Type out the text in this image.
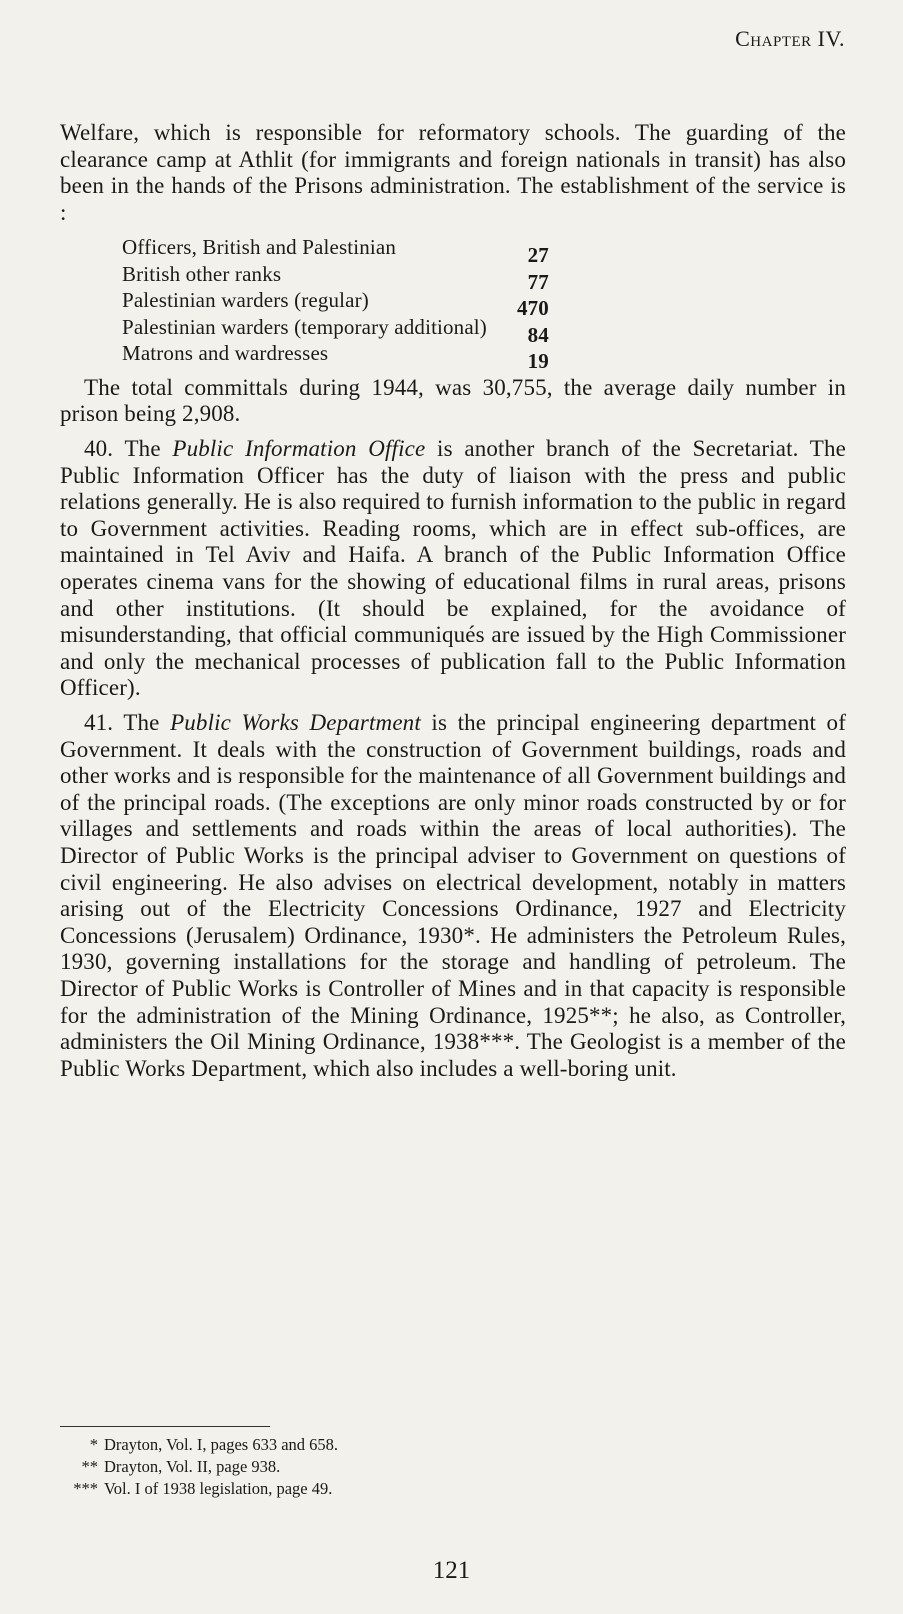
Chapter IV.

Welfare, which is responsible for reformatory schools. The guarding of the clearance camp at Athlit (for immigrants and foreign nationals in transit) has also been in the hands of the Prisons administration. The establishment of the service is :

Officers, British and Palestinian	27
British other ranks	77
Palestinian warders (regular)	470
Palestinian warders (temporary additional)	84
Matrons and wardresses	19

The total committals during 1944, was 30,755, the average daily number in prison being 2,908.

40. The Public Information Office is another branch of the Secretariat. The Public Information Officer has the duty of liaison with the press and public relations generally. He is also required to furnish information to the public in regard to Government activities. Reading rooms, which are in effect sub-offices, are maintained in Tel Aviv and Haifa. A branch of the Public Information Office operates cinema vans for the showing of educational films in rural areas, prisons and other institutions. (It should be explained, for the avoidance of misunderstanding, that official communiqués are issued by the High Commissioner and only the mechanical processes of publication fall to the Public Information Officer).

41. The Public Works Department is the principal engineering department of Government. It deals with the construction of Government buildings, roads and other works and is responsible for the maintenance of all Government buildings and of the principal roads. (The exceptions are only minor roads constructed by or for villages and settlements and roads within the areas of local authorities). The Director of Public Works is the principal adviser to Government on questions of civil engineering. He also advises on electrical development, notably in matters arising out of the Electricity Concessions Ordinance, 1927 and Electricity Concessions (Jerusalem) Ordinance, 1930*. He administers the Petroleum Rules, 1930, governing installations for the storage and handling of petroleum. The Director of Public Works is Controller of Mines and in that capacity is responsible for the administration of the Mining Ordinance, 1925**; he also, as Controller, administers the Oil Mining Ordinance, 1938***. The Geologist is a member of the Public Works Department, which also includes a well-boring unit.

* Drayton, Vol. I, pages 633 and 658.
** Drayton, Vol. II, page 938.
*** Vol. I of 1938 legislation, page 49.
121
